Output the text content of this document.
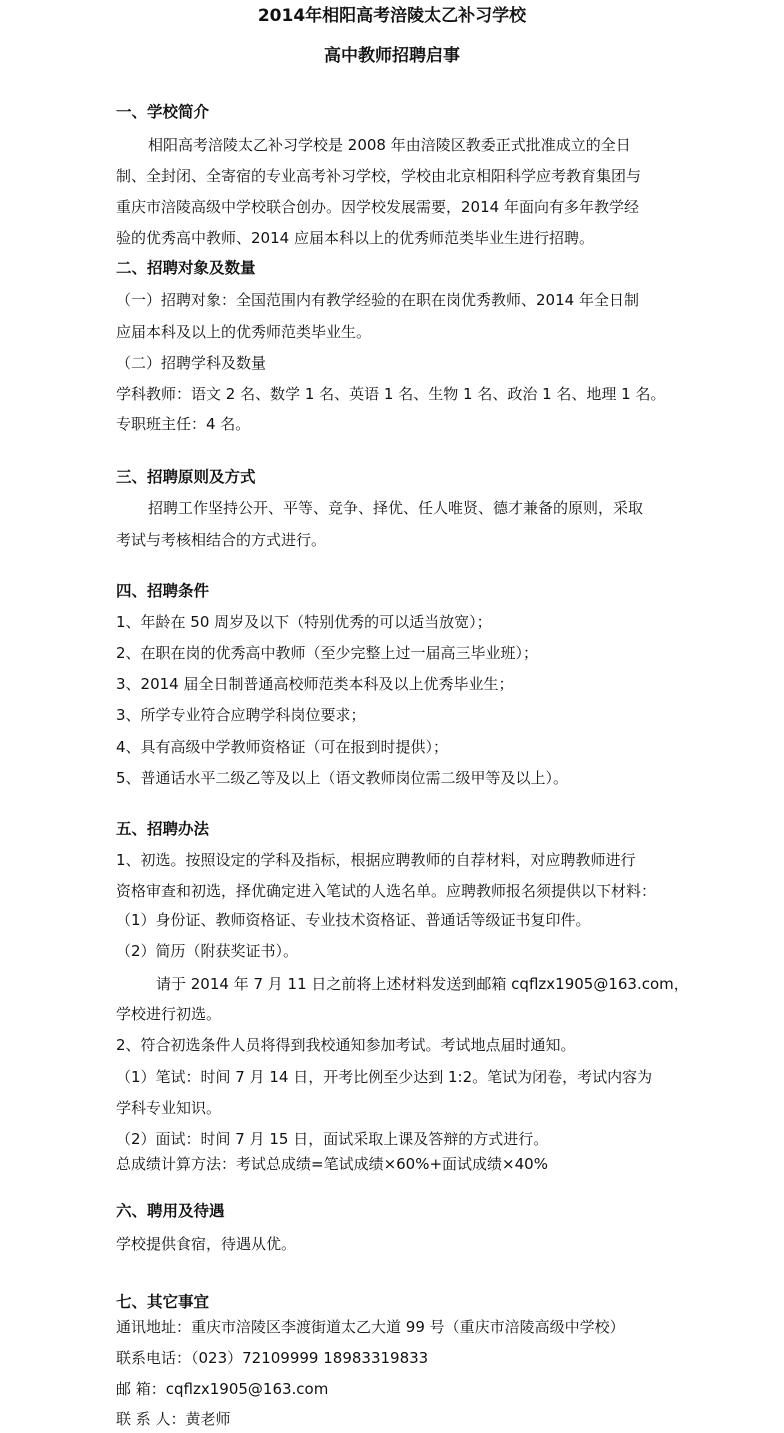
2014年相阳高考涪陵太乙补习学校

高中教师招聘启事

一、学校简介

相阳高考涪陵太乙补习学校是 2008 年由涪陵区教委正式批准成立的全日

制、全封闭、全寄宿的专业高考补习学校，学校由北京相阳科学应考教育集团与

重庆市涪陵高级中学校联合创办。因学校发展需要，2014 年面向有多年教学经

验的优秀高中教师、2014 应届本科以上的优秀师范类毕业生进行招聘。

二、招聘对象及数量

（一）招聘对象：全国范围内有教学经验的在职在岗优秀教师、2014 年全日制

应届本科及以上的优秀师范类毕业生。

（二）招聘学科及数量

学科教师：语文 2 名、数学 1 名、英语 1 名、生物 1 名、政治 1 名、地理 1 名。

专职班主任：4 名。

三、招聘原则及方式

招聘工作坚持公开、平等、竞争、择优、任人唯贤、德才兼备的原则，采取

考试与考核相结合的方式进行。

四、招聘条件

1、年龄在 50 周岁及以下（特别优秀的可以适当放宽）；

2、在职在岗的优秀高中教师（至少完整上过一届高三毕业班）；

3、2014 届全日制普通高校师范类本科及以上优秀毕业生；

3、所学专业符合应聘学科岗位要求；

4、具有高级中学教师资格证（可在报到时提供）；

5、普通话水平二级乙等及以上（语文教师岗位需二级甲等及以上）。

五、招聘办法

1、初选。按照设定的学科及指标，根据应聘教师的自荐材料，对应聘教师进行

资格审查和初选，择优确定进入笔试的人选名单。应聘教师报名须提供以下材料：

（1）身份证、教师资格证、专业技术资格证、普通话等级证书复印件。

（2）简历（附获奖证书）。

请于 2014 年 7 月 11 日之前将上述材料发送到邮箱 cqflzx1905@163.com，

学校进行初选。

2、符合初选条件人员将得到我校通知参加考试。考试地点届时通知。

（1）笔试：时间 7 月 14 日，开考比例至少达到 1:2。笔试为闭卷，考试内容为

学科专业知识。

（2）面试：时间 7 月 15 日，面试采取上课及答辩的方式进行。

总成绩计算方法：考试总成绩=笔试成绩×60%+面试成绩×40%

六、聘用及待遇

学校提供食宿，待遇从优。

七、其它事宜

通讯地址：重庆市涪陵区李渡街道太乙大道 99 号（重庆市涪陵高级中学校）

联系电话：（023）72109999 18983319833

邮 箱：cqflzx1905@163.com

联 系 人：黄老师
